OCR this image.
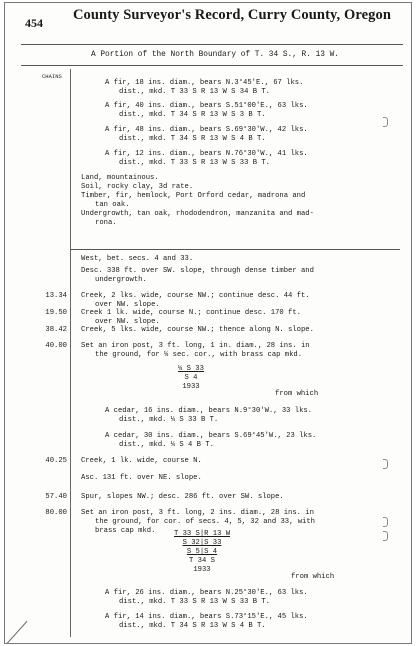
454	County Surveyor's Record, Curry County, Oregon
A Portion of the North Boundary of T. 34 S., R. 13 W.
CHAINS
A fir, 18 ins. diam., bears N.3°45'E., 67 lks.
dist., mkd. T 33 S R 13 W S 34 B T.
A fir, 40 ins. diam., bears S.51°00'E., 63 lks.
dist., mkd. T 34 S R 13 W S 3 B T.
A fir, 48 ins. diam., bears S.69°30'W., 42 lks.
dist., mkd. T 34 S R 13 W S 4 B T.
A fir, 12 ins. diam., bears N.76°30'W., 41 lks.
dist., mkd. T 33 S R 13 W S 33 B T.
Land, mountainous.
Soil, rocky clay, 3d rate.
Timber, fir, hemlock, Port Orford cedar, madrona and
tan oak.
Undergrowth, tan oak, rhododendron, manzanita and mad-
rona.
West, bet. secs. 4 and 33.
Desc. 338 ft. over SW. slope, through dense timber and
undergrowth.
13.34 Creek, 2 lks. wide, course NW.; continue desc. 44 ft.
over NW. slope.
19.50 Creek 1 lk. wide, course N.; continue desc. 170 ft.
over NW. slope.
38.42 Creek, 5 lks. wide, course NW.; thence along N. slope.
40.00 Set an iron post, 3 ft. long, 1 in. diam., 28 ins. in
the ground, for ¼ sec. cor., with brass cap mkd.
from which
A cedar, 16 ins. diam., bears N.9°30'W., 33 lks.
dist., mkd. ¼ S 33 B T.
A cedar, 30 ins. diam., bears S.69°45'W., 23 lks.
dist., mkd. ¼ S 4 B T.
40.25 Creek, 1 lk. wide, course N.
Asc. 131 ft. over NE. slope.
57.40 Spur, slopes NW.; desc. 286 ft. over SW. slope.
80.00 Set an iron post, 3 ft. long, 2 ins. diam., 28 ins. in
the ground, for cor. of secs. 4, 5, 32 and 33, with
brass cap mkd.
from which
A fir, 26 ins. diam., bears N.25°30'E., 63 lks.
dist., mkd. T 33 S R 13 W S 33 B T.
A fir, 14 ins. diam., bears S.73°15'E., 45 lks.
dist., mkd. T 34 S R 13 W S 4 B T.
¼ S 33
S 4
1933
T 33 S|R 13 W
S 32|S 33
S 5|S 4
T 34 S
1933
